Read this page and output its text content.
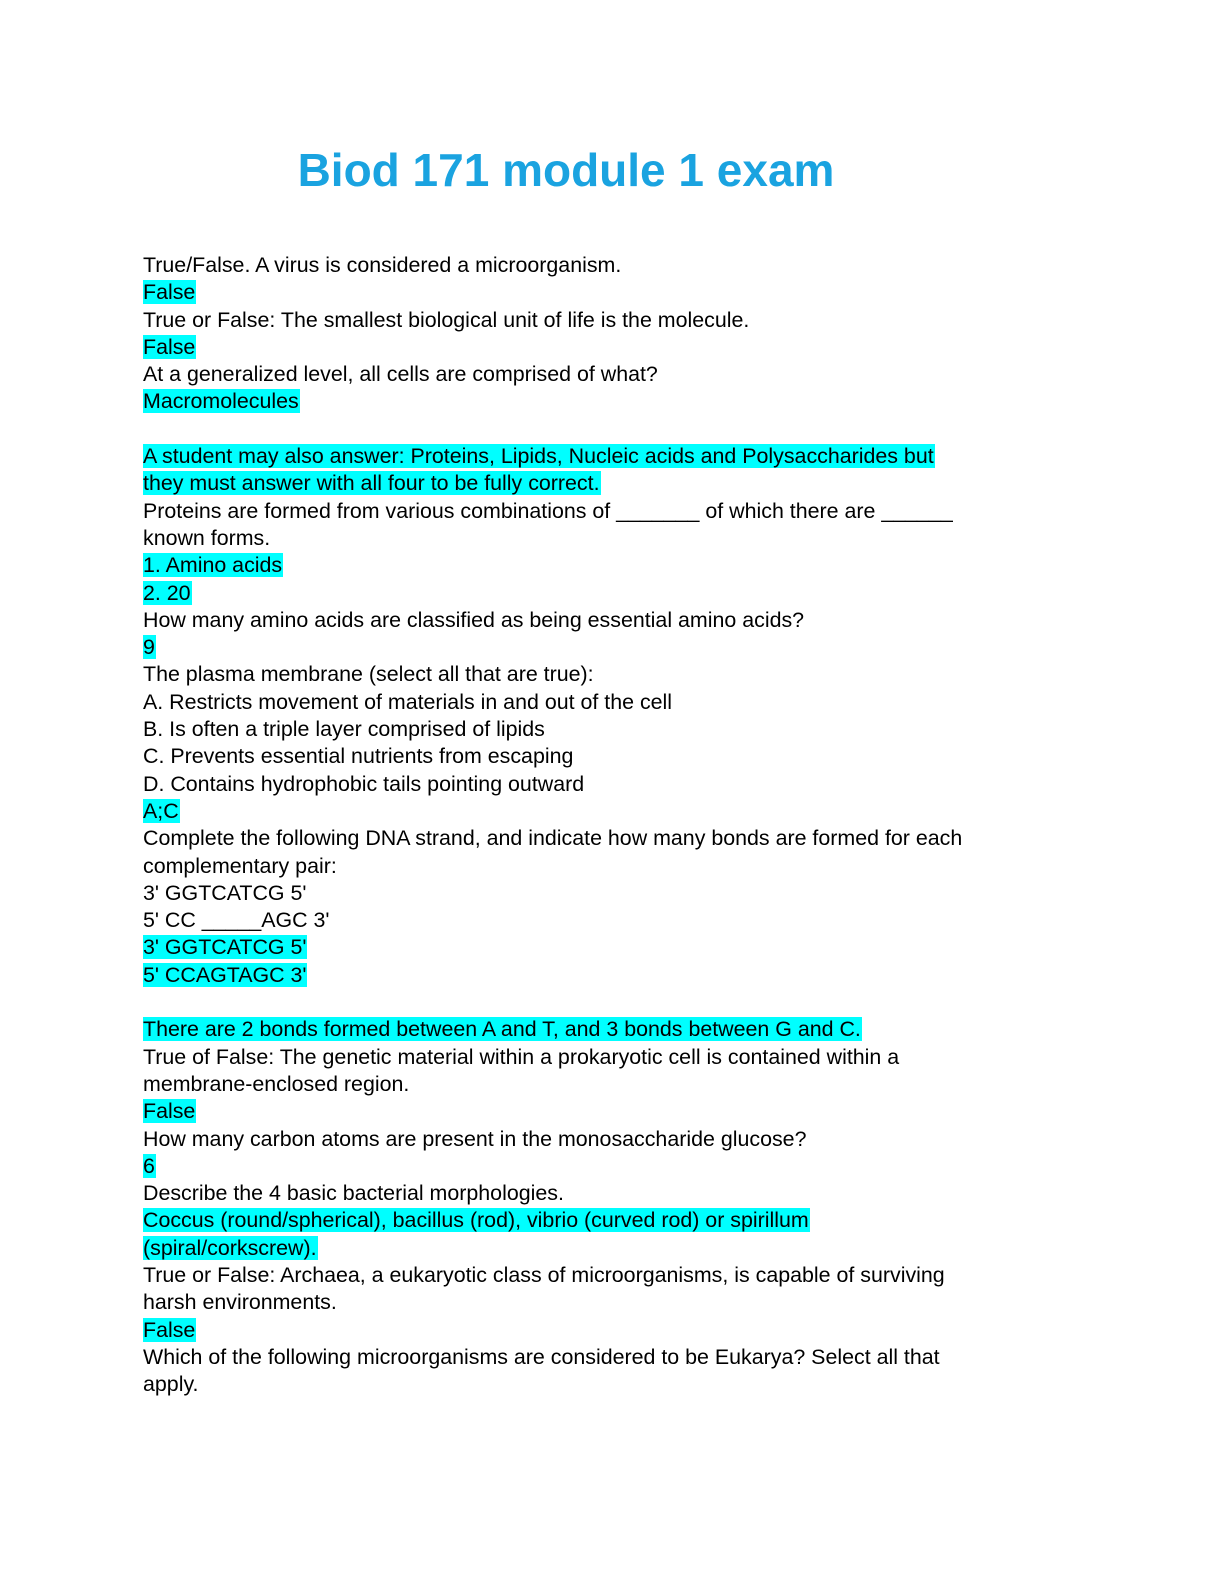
Biod 171 module 1 exam
True/False. A virus is considered a microorganism.
False
True or False: The smallest biological unit of life is the molecule.
False
At a generalized level, all cells are comprised of what?
Macromolecules
A student may also answer: Proteins, Lipids, Nucleic acids and Polysaccharides but
they must answer with all four to be fully correct.
Proteins are formed from various combinations of _______ of which there are ______
known forms.
1. Amino acids
2. 20
How many amino acids are classified as being essential amino acids?
9
The plasma membrane (select all that are true):
A. Restricts movement of materials in and out of the cell
B. Is often a triple layer comprised of lipids
C. Prevents essential nutrients from escaping
D. Contains hydrophobic tails pointing outward
A;C
Complete the following DNA strand, and indicate how many bonds are formed for each
complementary pair:
3' GGTCATCG 5'
5' CC _____AGC 3'
3' GGTCATCG 5'
5' CCAGTAGC 3'
There are 2 bonds formed between A and T, and 3 bonds between G and C.
True of False: The genetic material within a prokaryotic cell is contained within a
membrane-enclosed region.
False
How many carbon atoms are present in the monosaccharide glucose?
6
Describe the 4 basic bacterial morphologies.
Coccus (round/spherical), bacillus (rod), vibrio (curved rod) or spirillum
(spiral/corkscrew).
True or False: Archaea, a eukaryotic class of microorganisms, is capable of surviving
harsh environments.
False
Which of the following microorganisms are considered to be Eukarya? Select all that
apply.
